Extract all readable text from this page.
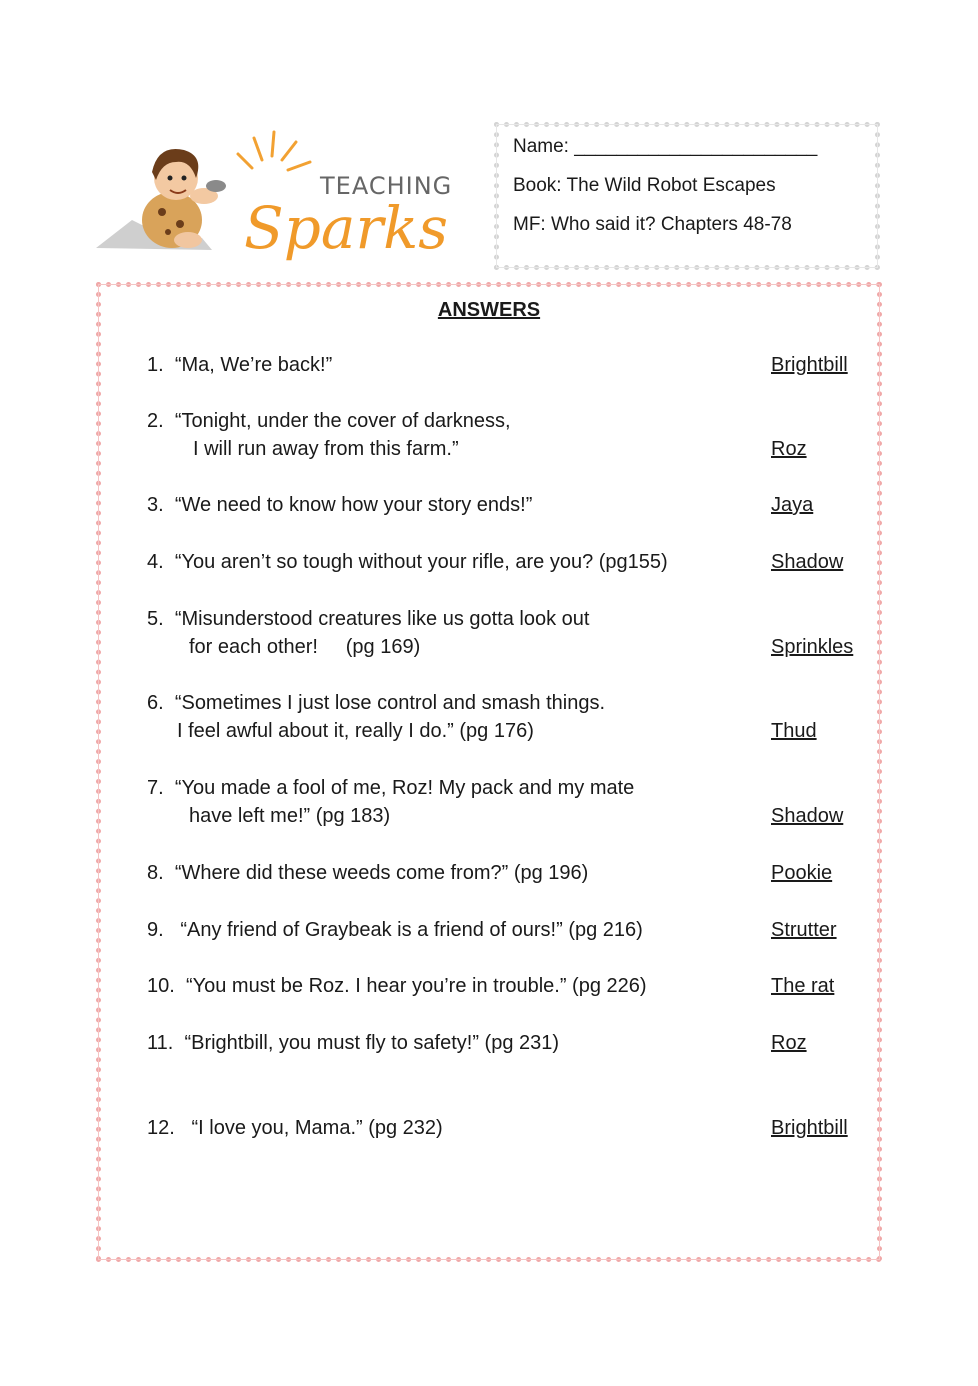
TEACHING
Sparks
Name: _______________________
Book: The Wild Robot Escapes
MF: Who said it? Chapters 48-78
ANSWERS
1. “Ma, We’re back!”	Brightbill
2. “Tonight, under the cover of darkness,
I will run away from this farm.”	Roz
3. “We need to know how your story ends!”	Jaya
4. “You aren’t so tough without your rifle, are you? (pg155)	Shadow
5. “Misunderstood creatures like us gotta look out
for each other!     (pg 169)	Sprinkles
6. “Sometimes I just lose control and smash things.
I feel awful about it, really I do.” (pg 176)	Thud
7. “You made a fool of me, Roz! My pack and my mate
have left me!” (pg 183)	Shadow
8. “Where did these weeds come from?” (pg 196)	Pookie
9.   “Any friend of Graybeak is a friend of ours!” (pg 216)	Strutter
10. “You must be Roz. I hear you’re in trouble.” (pg 226)	The rat
11. “Brightbill, you must fly to safety!” (pg 231)	Roz
12.   “I love you, Mama.” (pg 232)	Brightbill
